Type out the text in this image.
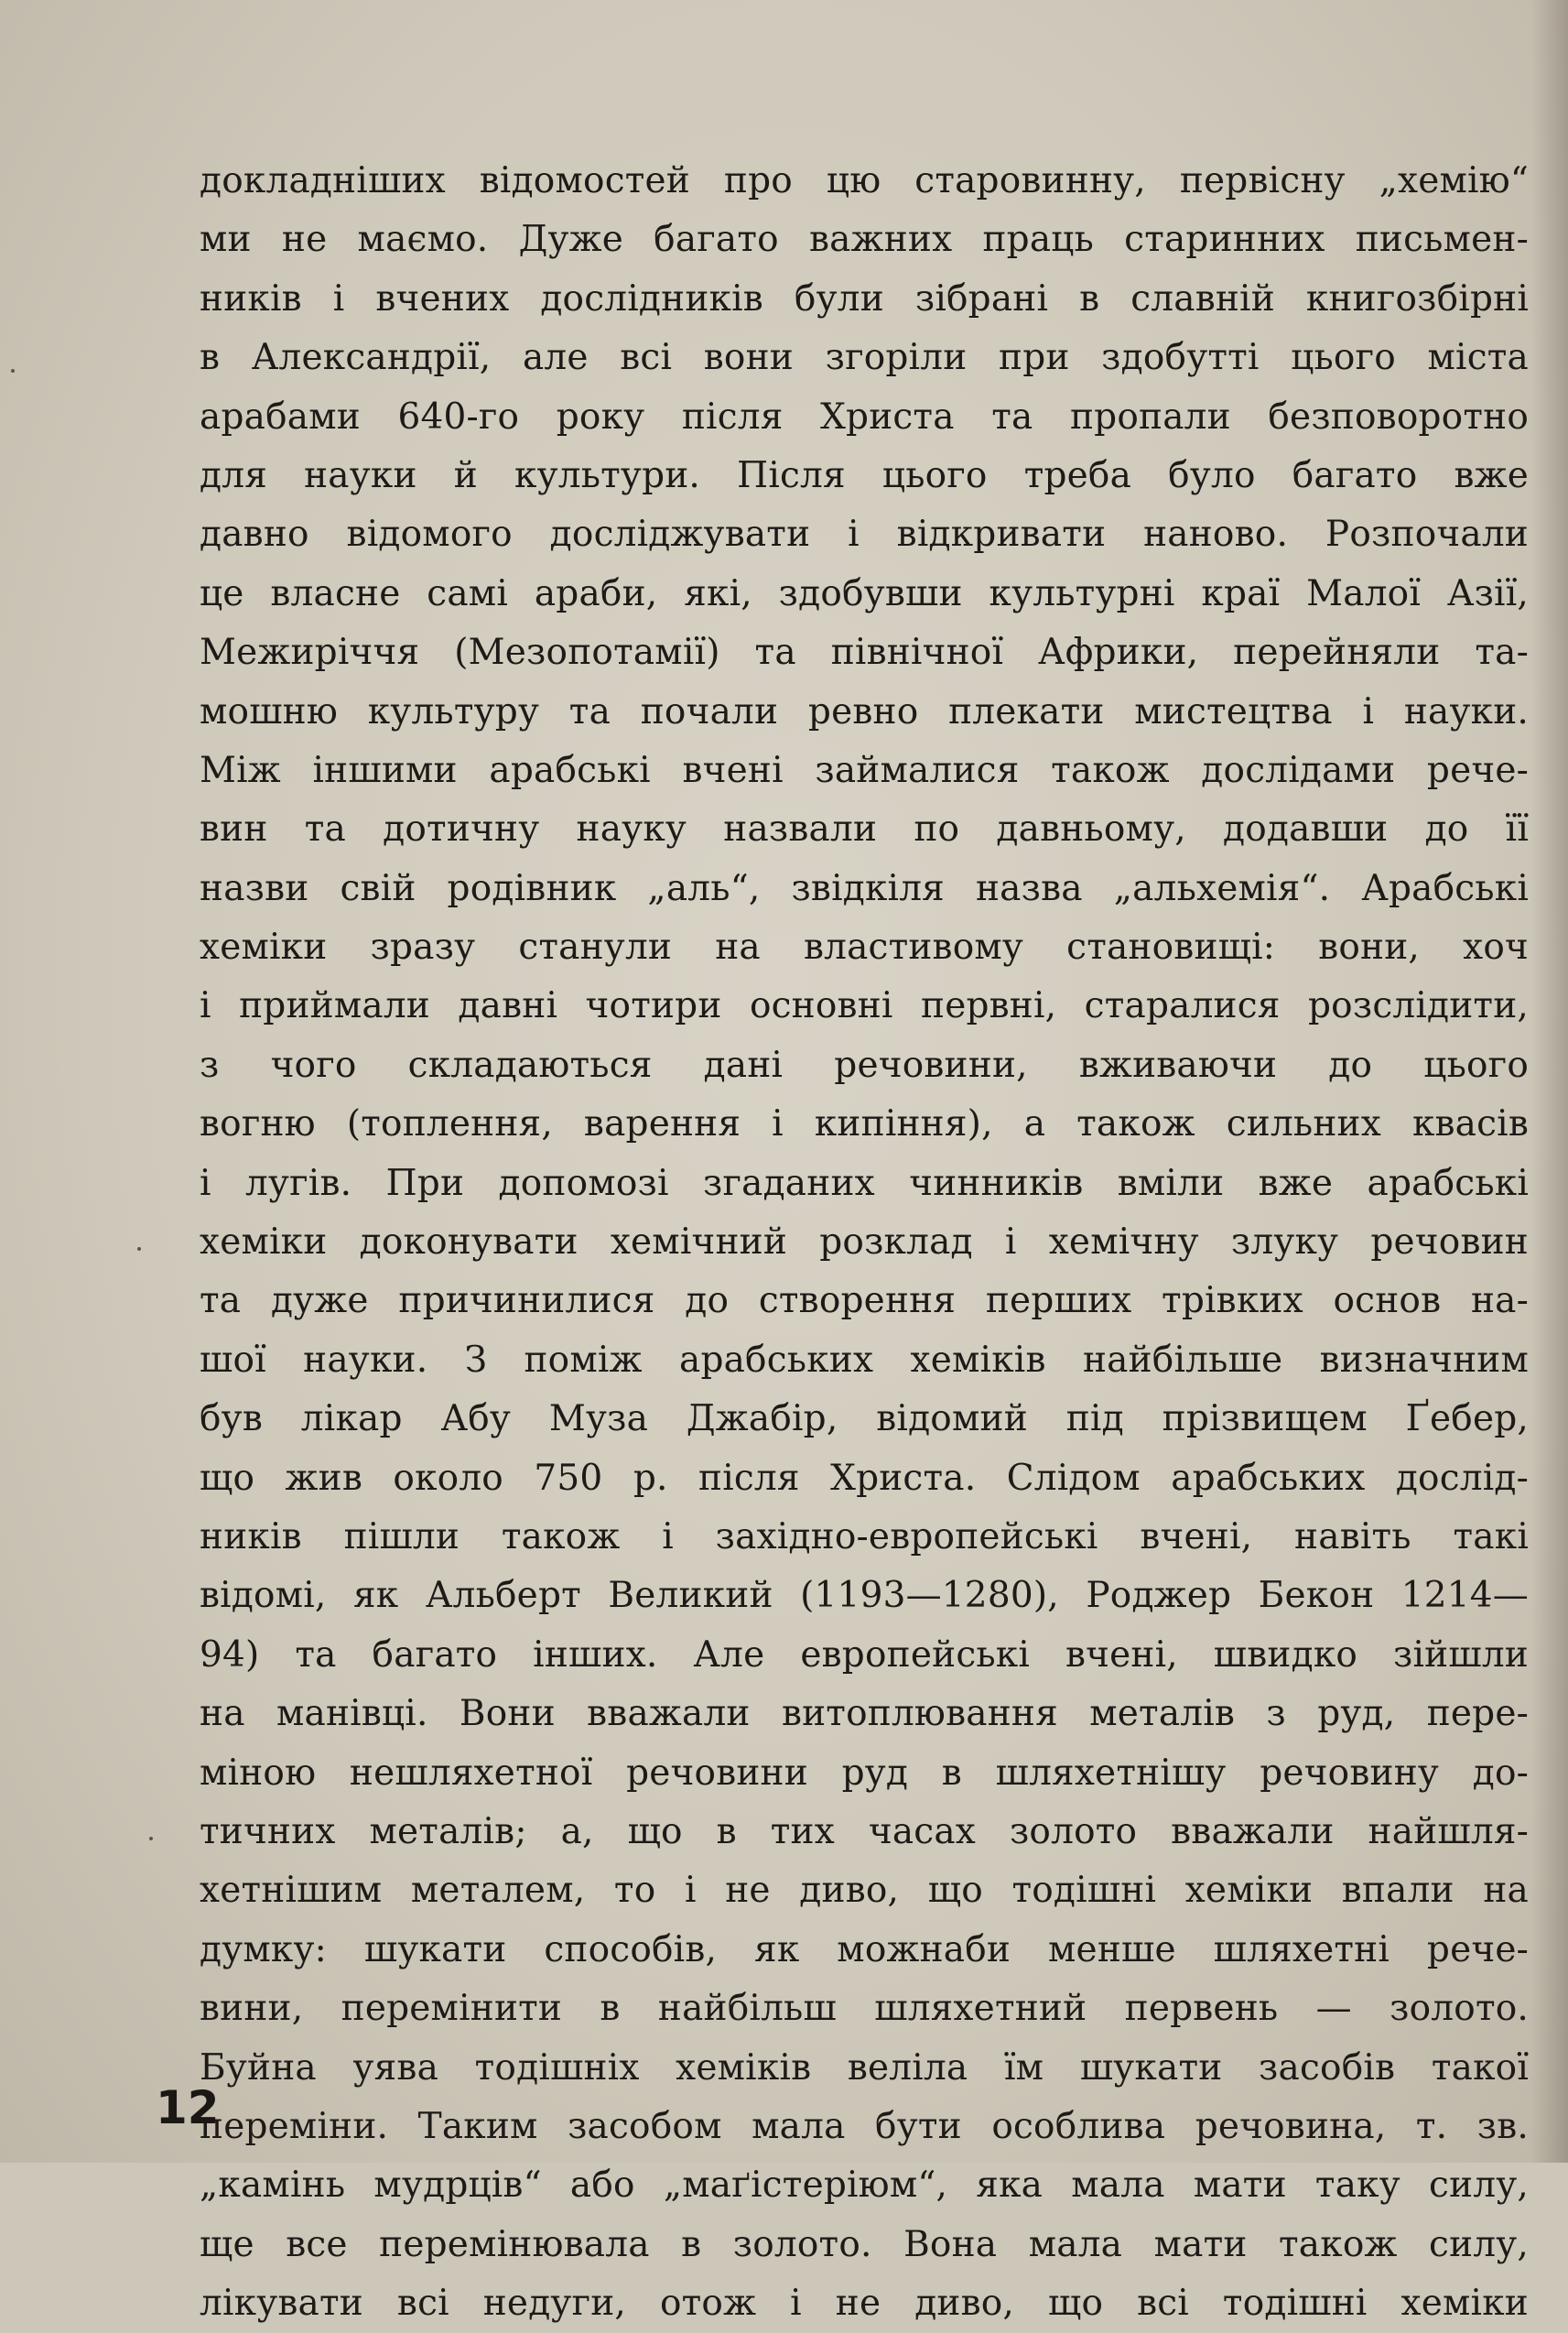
докладніших відомостей про цю старовинну, первісну „хемію“
ми не маємо. Дуже багато важних праць старинних письмен-
ників і вчених дослідників були зібрані в славній книгозбірні
в Александрії, але всі вони згоріли при здобутті цього міста
арабами 640-го року після Христа та пропали безповоротно
для науки й культури. Після цього треба було багато вже
давно відомого досліджувати і відкривати наново. Розпочали
це власне самі араби, які, здобувши культурні краї Малої Азії,
Межиріччя (Мезопотамії) та північної Африки, перейняли та-
мошню культуру та почали ревно плекати мистецтва і науки.
Між іншими арабські вчені займалися також дослідами рече-
вин та дотичну науку назвали по давньому, додавши до її
назви свій родівник „аль“, звідкіля назва „альхемія“. Арабські
хеміки зразу станули на властивому становищі: вони, хоч
і приймали давні чотири основні первні, старалися розслідити,
з чого складаються дані речовини, вживаючи до цього
вогню (топлення, варення і кипіння), а також сильних квасів
і лугів. При допомозі згаданих чинників вміли вже арабські
хеміки доконувати хемічний розклад і хемічну злуку речовин
та дуже причинилися до створення перших трівких основ на-
шої науки. З поміж арабських хеміків найбільше визначним
був лікар Абу Муза Джабір, відомий під прізвищем Ґебер,
що жив около 750 р. після Христа. Слідом арабських дослід-
ників пішли також і західно-европейські вчені, навіть такі
відомі, як Альберт Великий (1193—1280), Роджер Бекон 1214—
94) та багато інших. Але европейські вчені, швидко зійшли
на манівці. Вони вважали витоплювання металів з руд, пере-
міною нешляхетної речовини руд в шляхетнішу речовину до-
тичних металів; а, що в тих часах золото вважали найшля-
хетнішим металем, то і не диво, що тодішні хеміки впали на
думку: шукати способів, як можнаби менше шляхетні рече-
вини, перемінити в найбільш шляхетний первень — золото.
Буйна уява тодішніх хеміків веліла їм шукати засобів такої
переміни. Таким засобом мала бути особлива речовина, т. зв.
„камінь мудрців“ або „маґістеріюм“, яка мала мати таку силу,
ще все перемінювала в золото. Вона мала мати також силу,
лікувати всі недуги, отож і не диво, що всі тодішні хеміки
12
